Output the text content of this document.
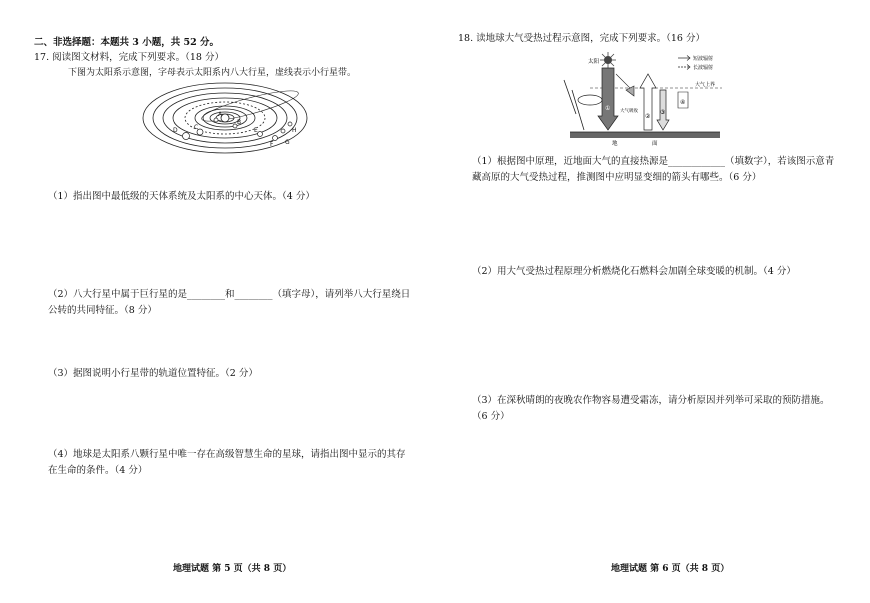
二、非选择题：本题共 3 小题，共 52 分。
17. 阅读图文材料，完成下列要求。（18 分）
下图为太阳系示意图，字母表示太阳系内八大行星，虚线表示小行星带。
A
B
C
D	E
F G
H
（1）指出图中最低级的天体系统及太阳系的中心天体。（4 分）
（2）八大行星中属于巨行星的是________和________（填字母），请列举八大行星绕日
公转的共同特征。（8 分）
（3）据图说明小行星带的轨道位置特征。（2 分）
（4）地球是太阳系八颗行星中唯一存在高级智慧生命的星球，请指出图中显示的其存
在生命的条件。（4 分）
地理试题 第 5 页（共 8 页）
18. 读地球大气受热过程示意图，完成下列要求。（16 分）
太阳	短波辐射
长波辐射
大气上界
① 大气吸收
②
③
④
地	面
（1）根据图中原理，近地面大气的直接热源是____________（填数字），若该图示意青
藏高原的大气受热过程，推测图中应明显变细的箭头有哪些。（6 分）
（2）用大气受热过程原理分析燃烧化石燃料会加剧全球变暖的机制。（4 分）
（3）在深秋晴朗的夜晚农作物容易遭受霜冻，请分析原因并列举可采取的预防措施。
（6 分）
地理试题 第 6 页（共 8 页）
